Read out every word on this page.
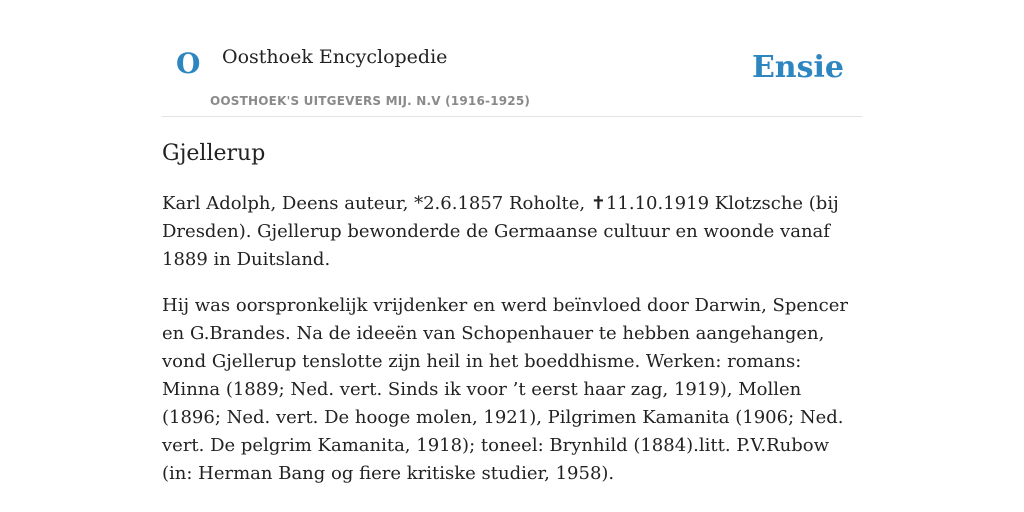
O Oosthoek Encyclopedie
OOSTHOEK'S UITGEVERS MIJ. N.V (1916-1925)
Ensie
Gjellerup

Karl Adolph, Deens auteur, *2.6.1857 Roholte, ✝11.10.1919 Klotzsche (bij Dresden). Gjellerup bewonderde de Germaanse cultuur en woonde vanaf 1889 in Duitsland.

Hij was oorspronkelijk vrijdenker en werd beïnvloed door Darwin, Spencer en G.Brandes. Na de ideeën van Schopenhauer te hebben aangehangen, vond Gjellerup tenslotte zijn heil in het boeddhisme. Werken: romans: Minna (1889; Ned. vert. Sinds ik voor ’t eerst haar zag, 1919), Mollen (1896; Ned. vert. De hooge molen, 1921), Pilgrimen Kamanita (1906; Ned. vert. De pelgrim Kamanita, 1918); toneel: Brynhild (1884).litt. P.V.Rubow (in: Herman Bang og fiere kritiske studier, 1958).
